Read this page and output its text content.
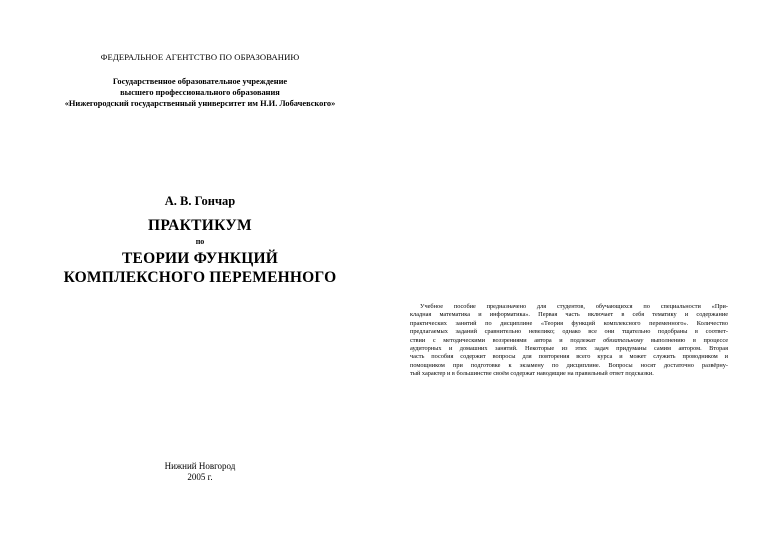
ФЕДЕРАЛЬНОЕ АГЕНТСТВО ПО ОБРАЗОВАНИЮ
Государственное образовательное учреждение
высшего профессионального образования
«Нижегородский государственный университет им Н.И. Лобачевского»
А. В. Гончар
ПРАКТИКУМ
по
ТЕОРИИ ФУНКЦИЙ
КОМПЛЕКСНОГО ПЕРЕМЕННОГО
Нижний Новгород
2005 г.
Учебное пособие предназначено для студентов, обучающихся по специальности «При-
кладная математика и информатика». Первая часть включает в себя тематику и содержание
практических занятий по дисциплине «Теория функций комплексного переменного». Количество
предлагаемых заданий сравнительно невелико; однако все они тщательно подобраны в соответ-
ствии с методическими воззрениями автора и подлежат обязательному выполнению в процессе
аудиторных и домашних занятий. Некоторые из этих задач придуманы самим автором. Вторая
часть пособия содержит вопросы для повторения всего курса и может служить проводником и
помощником при подготовке к экзамену по дисциплине. Вопросы носят достаточно развёрну-
тый характер и в большинстве своём содержат наводящие на правильный ответ подсказки.
